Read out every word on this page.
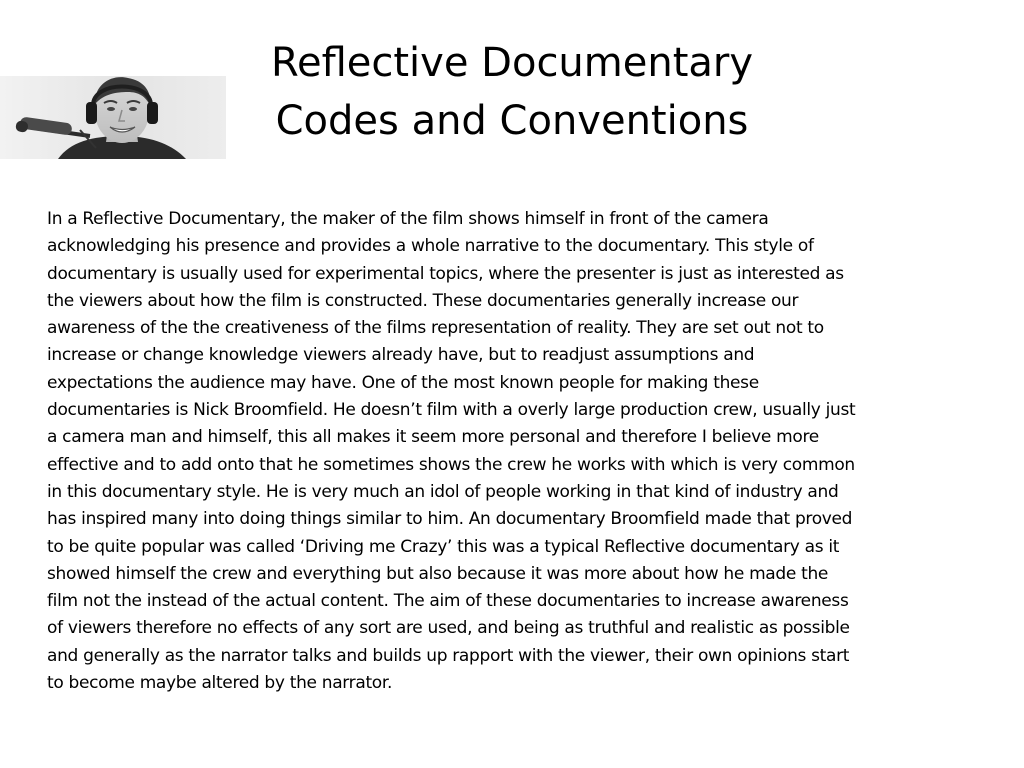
Reflective Documentary
Codes and Conventions

In a Reflective Documentary, the maker of the film shows himself in front of the camera
acknowledging his presence and provides a whole narrative to the documentary. This style of
documentary is usually used for experimental topics, where the presenter is just as interested as
the viewers about how the film is constructed. These documentaries generally increase our
awareness of the the creativeness of the films representation of reality. They are set out not to
increase or change knowledge viewers already have, but to readjust assumptions and
expectations the audience may have. One of the most known people for making these
documentaries is Nick Broomfield. He doesn’t film with a overly large production crew, usually just
a camera man and himself, this all makes it seem more personal and therefore I believe more
effective and to add onto that he sometimes shows the crew he works with which is very common
in this documentary style. He is very much an idol of people working in that kind of industry and
has inspired many into doing things similar to him. An documentary Broomfield made that proved
to be quite popular was called ‘Driving me Crazy’ this was a typical Reflective documentary as it
showed himself the crew and everything but also because it was more about how he made the
film not the instead of the actual content. The aim of these documentaries to increase awareness
of viewers therefore no effects of any sort are used, and being as truthful and realistic as possible
and generally as the narrator talks and builds up rapport with the viewer, their own opinions start
to become maybe altered by the narrator.
